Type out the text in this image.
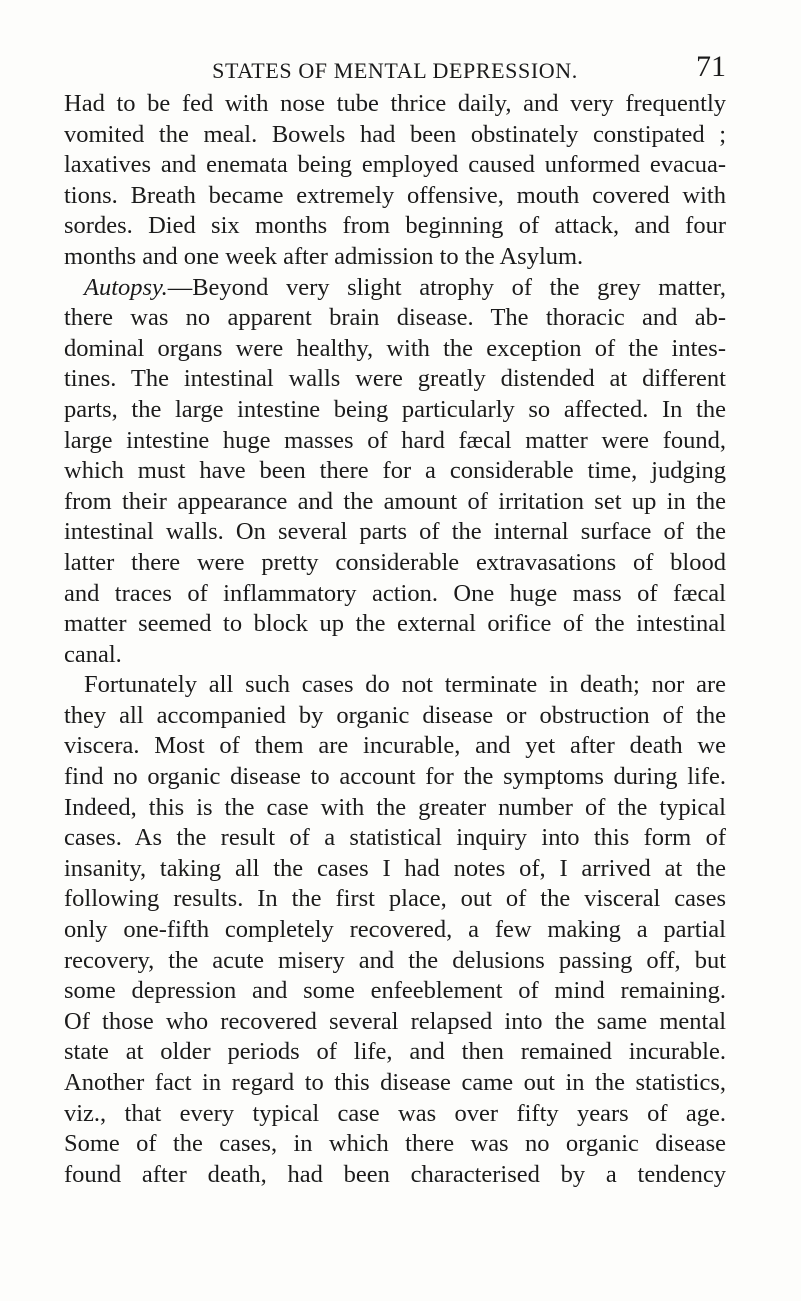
STATES OF MENTAL DEPRESSION.	71
Had to be fed with nose tube thrice daily, and very frequently
vomited the meal. Bowels had been obstinately constipated ;
laxatives and enemata being employed caused unformed evacua-
tions. Breath became extremely offensive, mouth covered with
sordes. Died six months from beginning of attack, and four
months and one week after admission to the Asylum.
Autopsy.—Beyond very slight atrophy of the grey matter,
there was no apparent brain disease. The thoracic and ab-
dominal organs were healthy, with the exception of the intes-
tines. The intestinal walls were greatly distended at different
parts, the large intestine being particularly so affected. In the
large intestine huge masses of hard fæcal matter were found,
which must have been there for a considerable time, judging
from their appearance and the amount of irritation set up in the
intestinal walls. On several parts of the internal surface of the
latter there were pretty considerable extravasations of blood
and traces of inflammatory action. One huge mass of fæcal
matter seemed to block up the external orifice of the intestinal
canal.
Fortunately all such cases do not terminate in death; nor are
they all accompanied by organic disease or obstruction of the
viscera. Most of them are incurable, and yet after death we
find no organic disease to account for the symptoms during life.
Indeed, this is the case with the greater number of the typical
cases. As the result of a statistical inquiry into this form of
insanity, taking all the cases I had notes of, I arrived at the
following results. In the first place, out of the visceral cases
only one-fifth completely recovered, a few making a partial
recovery, the acute misery and the delusions passing off, but
some depression and some enfeeblement of mind remaining.
Of those who recovered several relapsed into the same mental
state at older periods of life, and then remained incurable.
Another fact in regard to this disease came out in the statistics,
viz., that every typical case was over fifty years of age.
Some of the cases, in which there was no organic disease
found after death, had been characterised by a tendency
